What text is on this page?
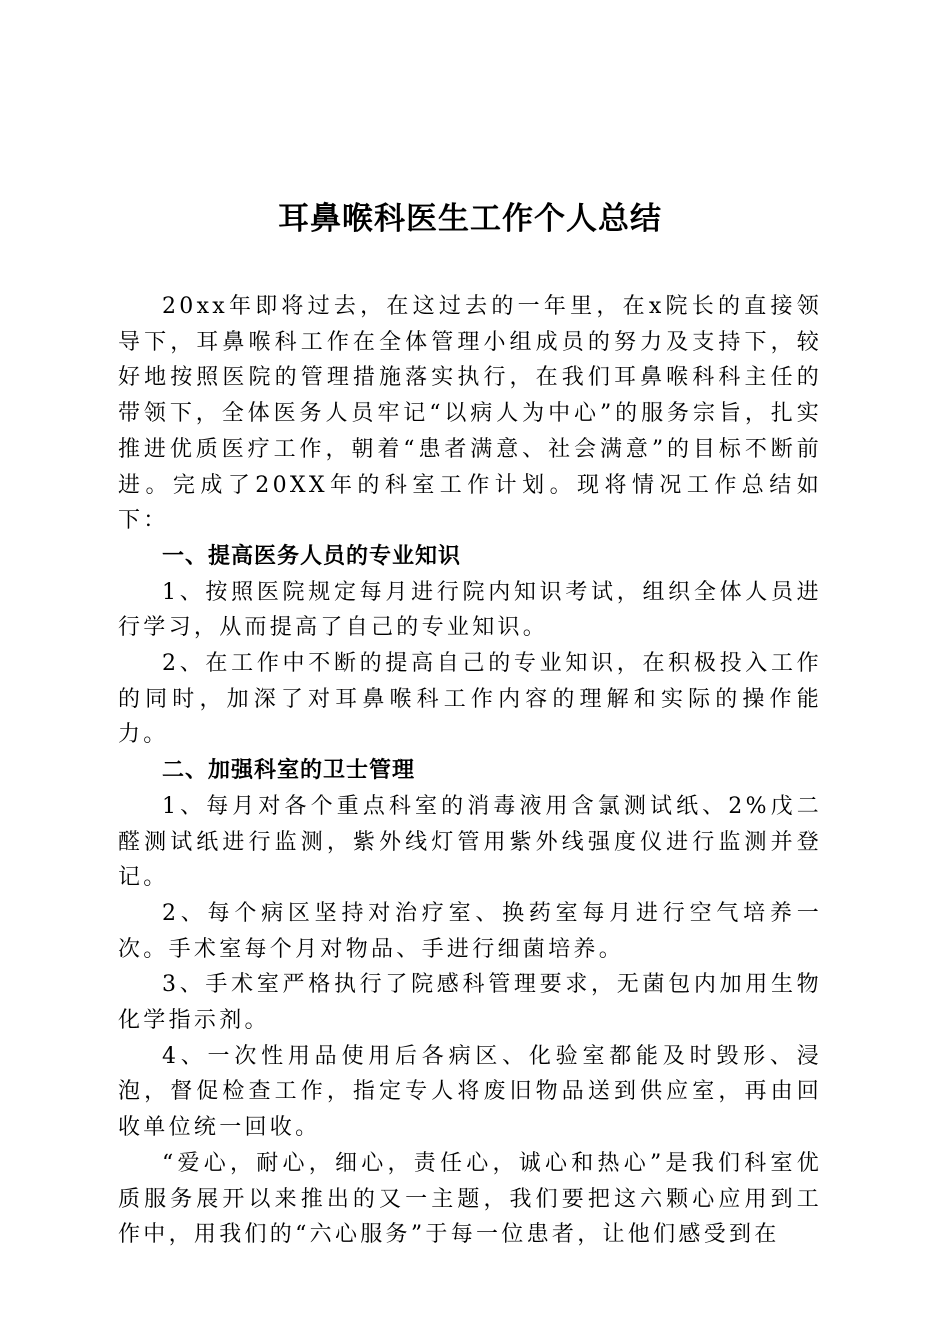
耳鼻喉科医生工作个人总结

20xx年即将过去，在这过去的一年里，在x院长的直接领导下，耳鼻喉科工作在全体管理小组成员的努力及支持下，较好地按照医院的管理措施落实执行，在我们耳鼻喉科科主任的带领下，全体医务人员牢记“以病人为中心”的服务宗旨，扎实推进优质医疗工作，朝着“患者满意、社会满意”的目标不断前进。完成了20XX年的科室工作计划。现将情况工作总结如下：

一、提高医务人员的专业知识

1、按照医院规定每月进行院内知识考试，组织全体人员进行学习，从而提高了自己的专业知识。

2、在工作中不断的提高自己的专业知识，在积极投入工作的同时，加深了对耳鼻喉科工作内容的理解和实际的操作能力。

二、加强科室的卫士管理

1、每月对各个重点科室的消毒液用含氯测试纸、2%戊二醛测试纸进行监测，紫外线灯管用紫外线强度仪进行监测并登记。

2、每个病区坚持对治疗室、换药室每月进行空气培养一次。手术室每个月对物品、手进行细菌培养。

3、手术室严格执行了院感科管理要求，无菌包内加用生物化学指示剂。

4、一次性用品使用后各病区、化验室都能及时毁形、浸泡，督促检查工作，指定专人将废旧物品送到供应室，再由回收单位统一回收。

“爱心，耐心，细心，责任心，诚心和热心”是我们科室优质服务展开以来推出的又一主题，我们要把这六颗心应用到工作中，用我们的“六心服务”于每一位患者，让他们感受到在
